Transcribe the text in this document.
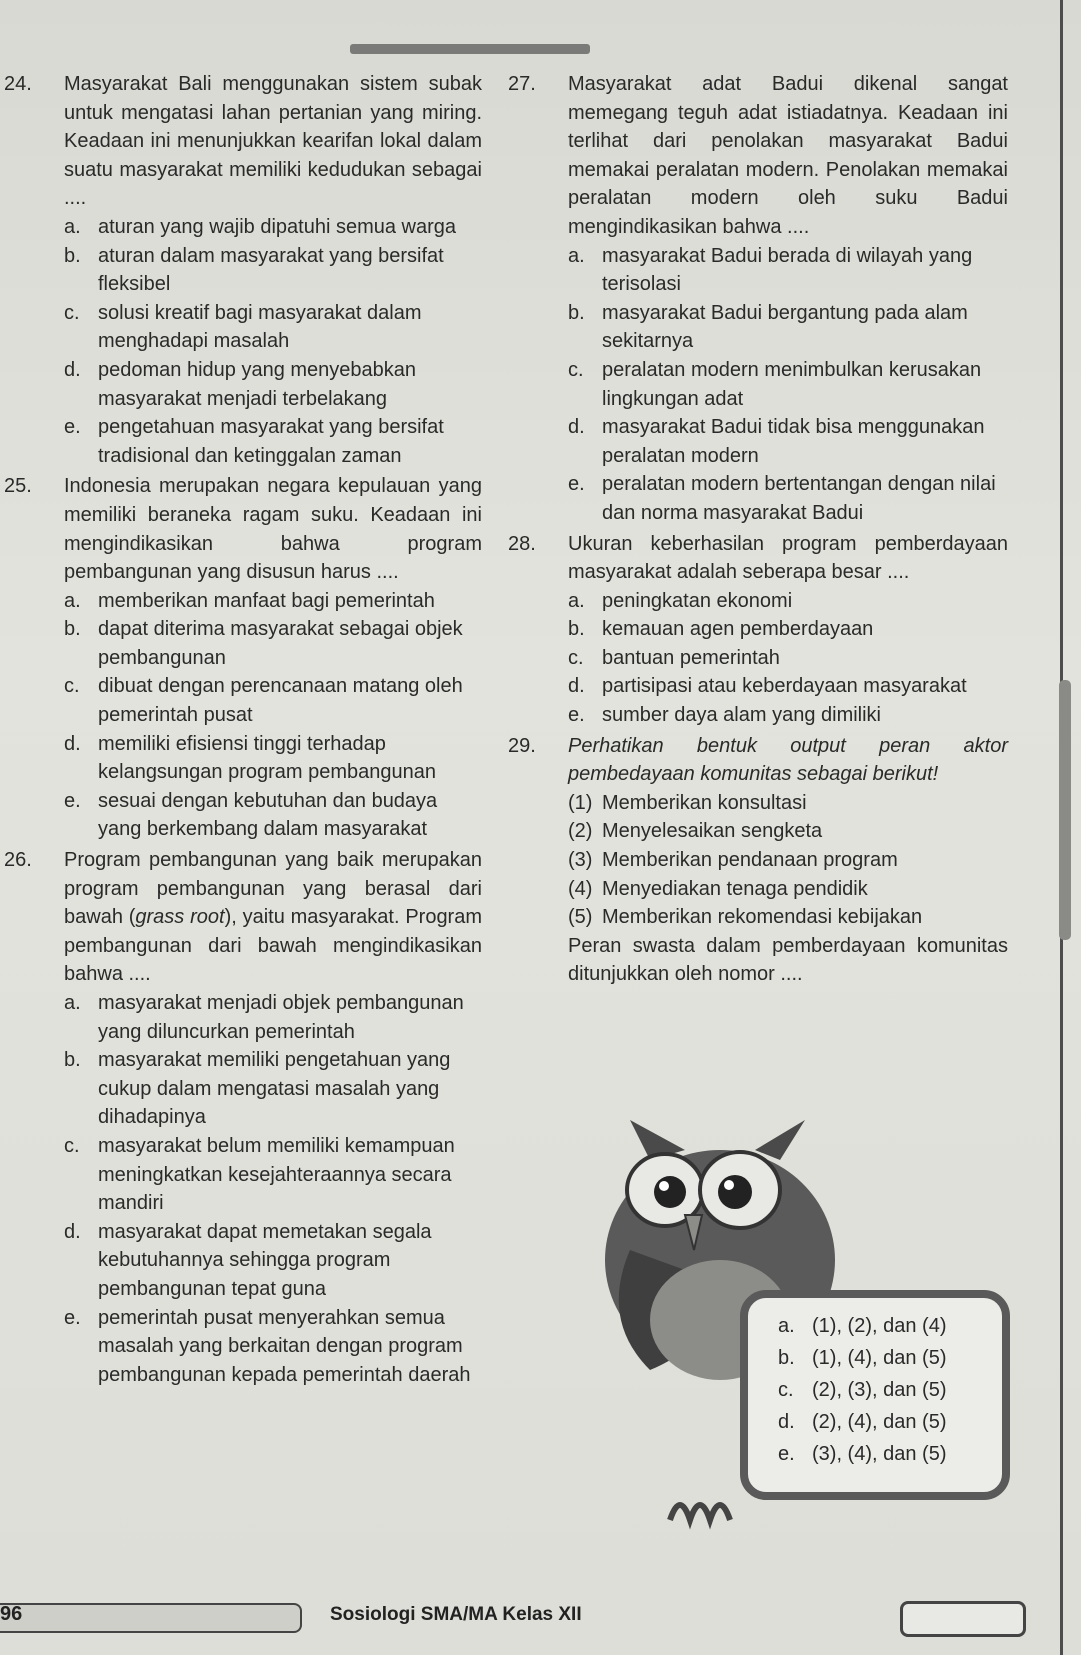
24. Masyarakat Bali menggunakan sistem subak untuk mengatasi lahan pertanian yang miring. Keadaan ini menunjukkan kearifan lokal dalam suatu masyarakat memiliki kedudukan sebagai ....
a. aturan yang wajib dipatuhi semua warga
b. aturan dalam masyarakat yang bersifat fleksibel
c. solusi kreatif bagi masyarakat dalam menghadapi masalah
d. pedoman hidup yang menyebabkan masyarakat menjadi terbelakang
e. pengetahuan masyarakat yang bersifat tradisional dan ketinggalan zaman
25. Indonesia merupakan negara kepulauan yang memiliki beraneka ragam suku. Keadaan ini mengindikasikan bahwa program pembangunan yang disusun harus ....
a. memberikan manfaat bagi pemerintah
b. dapat diterima masyarakat sebagai objek pembangunan
c. dibuat dengan perencanaan matang oleh pemerintah pusat
d. memiliki efisiensi tinggi terhadap kelangsungan program pembangunan
e. sesuai dengan kebutuhan dan budaya yang berkembang dalam masyarakat
26. Program pembangunan yang baik merupakan program pembangunan yang berasal dari bawah (grass root), yaitu masyarakat. Program pembangunan dari bawah mengindikasikan bahwa ....
a. masyarakat menjadi objek pembangunan yang diluncurkan pemerintah
b. masyarakat memiliki pengetahuan yang cukup dalam mengatasi masalah yang dihadapinya
c. masyarakat belum memiliki kemampuan meningkatkan kesejahteraannya secara mandiri
d. masyarakat dapat memetakan segala kebutuhannya sehingga program pembangunan tepat guna
e. pemerintah pusat menyerahkan semua masalah yang berkaitan dengan program pembangunan kepada pemerintah daerah
27. Masyarakat adat Badui dikenal sangat memegang teguh adat istiadatnya. Keadaan ini terlihat dari penolakan masyarakat Badui memakai peralatan modern. Penolakan memakai peralatan modern oleh suku Badui mengindikasikan bahwa ....
a. masyarakat Badui berada di wilayah yang terisolasi
b. masyarakat Badui bergantung pada alam sekitarnya
c. peralatan modern menimbulkan kerusakan lingkungan adat
d. masyarakat Badui tidak bisa menggunakan peralatan modern
e. peralatan modern bertentangan dengan nilai dan norma masyarakat Badui
28. Ukuran keberhasilan program pemberdayaan masyarakat adalah seberapa besar ....
a. peningkatan ekonomi
b. kemauan agen pemberdayaan
c. bantuan pemerintah
d. partisipasi atau keberdayaan masyarakat
e. sumber daya alam yang dimiliki
29. Perhatikan bentuk output peran aktor pembedayaan komunitas sebagai berikut!
(1) Memberikan konsultasi
(2) Menyelesaikan sengketa
(3) Memberikan pendanaan program
(4) Menyediakan tenaga pendidik
(5) Memberikan rekomendasi kebijakan
Peran swasta dalam pemberdayaan komunitas ditunjukkan oleh nomor ....
a. (1), (2), dan (4)
b. (1), (4), dan (5)
c. (2), (3), dan (5)
d. (2), (4), dan (5)
e. (3), (4), dan (5)
96	Sosiologi SMA/MA Kelas XII
